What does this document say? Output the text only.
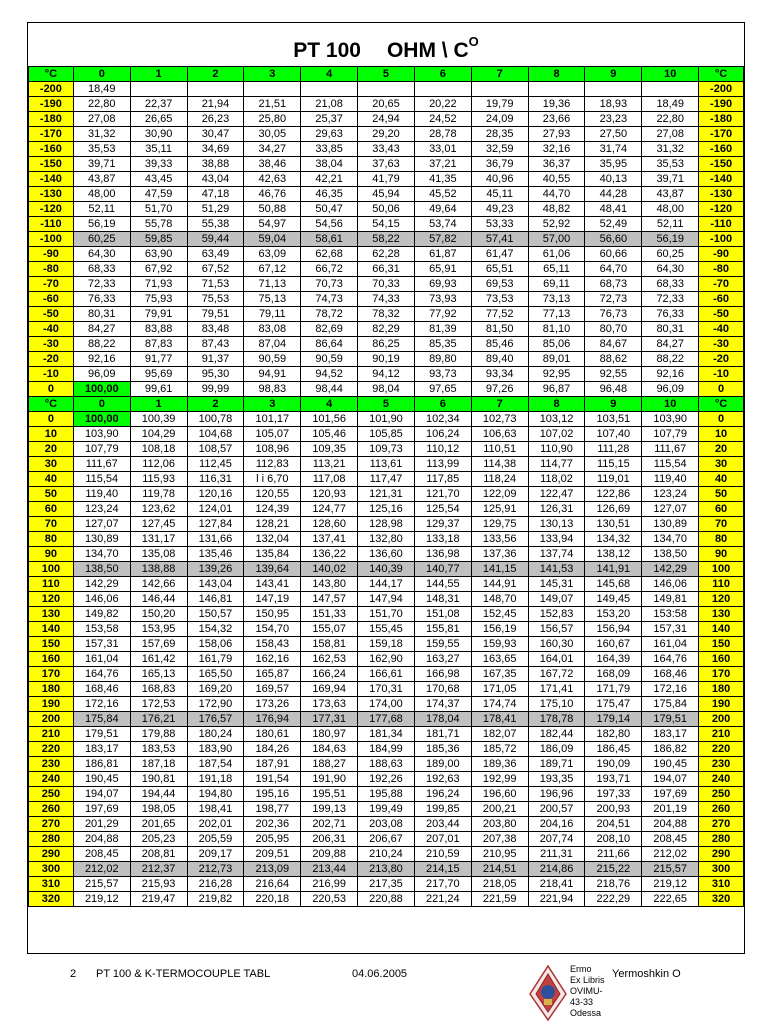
PT 100 OHM \ $C^O$
°C	0	1	2	3	4	5	6	7	8	9	10	°C
-200	18,49											-200
-190	22,80	22,37	21,94	21,51	21,08	20,65	20,22	19,79	19,36	18,93	18,49	-190
-180	27,08	26,65	26,23	25,80	25,37	24,94	24,52	24,09	23,66	23,23	22,80	-180
-170	31,32	30,90	30,47	30,05	29,63	29,20	28,78	28,35	27,93	27,50	27,08	-170
-160	35,53	35,11	34,69	34,27	33,85	33,43	33,01	32,59	32,16	31,74	31,32	-160
-150	39,71	39,33	38,88	38,46	38,04	37,63	37,21	36,79	36,37	35,95	35,53	-150
-140	43,87	43,45	43,04	42,63	42,21	41,79	41,35	40,96	40,55	40,13	39,71	-140
-130	48,00	47,59	47,18	46,76	46,35	45,94	45,52	45,11	44,70	44,28	43,87	-130
-120	52,11	51,70	51,29	50,88	50,47	50,06	49,64	49,23	48,82	48,41	48,00	-120
-110	56,19	55,78	55,38	54,97	54,56	54,15	53,74	53,33	52,92	52,49	52,11	-110
-100	60,25	59,85	59,44	59,04	58,61	58,22	57,82	57,41	57,00	56,60	56,19	-100
-90	64,30	63,90	63,49	63,09	62,68	62,28	61,87	61,47	61,06	60,66	60,25	-90
-80	68,33	67,92	67,52	67,12	66,72	66,31	65,91	65,51	65,11	64,70	64,30	-80
-70	72,33	71,93	71,53	71,13	70,73	70,33	69,93	69,53	69,11	68,73	68,33	-70
-60	76,33	75,93	75,53	75,13	74,73	74,33	73,93	73,53	73,13	72,73	72,33	-60
-50	80,31	79,91	79,51	79,11	78,72	78,32	77,92	77,52	77,13	76,73	76,33	-50
-40	84,27	83,88	83,48	83,08	82,69	82,29	81,39	81,50	81,10	80,70	80,31	-40
-30	88,22	87,83	87,43	87,04	86,64	86,25	85,35	85,46	85,06	84,67	84,27	-30
-20	92,16	91,77	91,37	90,59	90,59	90,19	89,80	89,40	89,01	88,62	88,22	-20
-10	96,09	95,69	95,30	94,91	94,52	94,12	93,73	93,34	92,95	92,55	92,16	-10
0	100,00	99,61	99,99	98,83	98,44	98,04	97,65	97,26	96,87	96,48	96,09	0
°C	0	1	2	3	4	5	6	7	8	9	10	°C
0	100,00	100,39	100,78	101,17	101,56	101,90	102,34	102,73	103,12	103,51	103,90	0
10	103,90	104,29	104,68	105,07	105,46	105,85	106,24	106,63	107,02	107,40	107,79	10
20	107,79	108,18	108,57	108,96	109,35	109,73	110,12	110,51	110,90	111,28	111,67	20
30	111,67	112,06	112,45	112,83	113,21	113,61	113,99	114,38	114,77	115,15	115,54	30
40	115,54	115,93	116,31	l i 6,70	117,08	117,47	117,85	118,24	118,02	119,01	119,40	40
50	119,40	119,78	120,16	120,55	120,93	121,31	121,70	122,09	122,47	122,86	123,24	50
60	123,24	123,62	124,01	124,39	124,77	125,16	125,54	125,91	126,31	126,69	127,07	60
70	127,07	127,45	127,84	128,21	128,60	128,98	129,37	129,75	130,13	130,51	130,89	70
80	130,89	131,17	131,66	132,04	137,41	132,80	133,18	133,56	133,94	134,32	134,70	80
90	134,70	135,08	135,46	135,84	136,22	136,60	136,98	137,36	137,74	138,12	138,50	90
100	138,50	138,88	139,26	139,64	140,02	140,39	140,77	141,15	141,53	141,91	142,29	100
110	142,29	142,66	143,04	143,41	143,80	144,17	144,55	144,91	145,31	145,68	146,06	110
120	146,06	146,44	146,81	147,19	147,57	147,94	148,31	148,70	149,07	149,45	149,81	120
130	149,82	150,20	150,57	150,95	151,33	151,70	151,08	152,45	152,83	153,20	153:58	130
140	153,58	153,95	154,32	154,70	155,07	155,45	155,81	156,19	156,57	156,94	157,31	140
150	157,31	157,69	158,06	158,43	158,81	159,18	159,55	159,93	160,30	160,67	161,04	150
160	161,04	161,42	161,79	162,16	162,53	162,90	163,27	163,65	164,01	164,39	164,76	160
170	164,76	165,13	165,50	165,87	166,24	166,61	166,98	167,35	167,72	168,09	168,46	170
180	168,46	168,83	169,20	169,57	169,94	170,31	170,68	171,05	171,41	171,79	172,16	180
190	172,16	172,53	172,90	173,26	173,63	174,00	174,37	174,74	175,10	175,47	175,84	190
200	175,84	176,21	176,57	176,94	177,31	177,68	178,04	178,41	178,78	179,14	179,51	200
210	179,51	179,88	180,24	180,61	180,97	181,34	181,71	182,07	182,44	182,80	183,17	210
220	183,17	183,53	183,90	184,26	184,63	184,99	185,36	185,72	186,09	186,45	186,82	220
230	186,81	187,18	187,54	187,91	188,27	188,63	189,00	189,36	189,71	190,09	190,45	230
240	190,45	190,81	191,18	191,54	191,90	192,26	192,63	192,99	193,35	193,71	194,07	240
250	194,07	194,44	194,80	195,16	195,51	195,88	196,24	196,60	196,96	197,33	197,69	250
260	197,69	198,05	198,41	198,77	199,13	199,49	199,85	200,21	200,57	200,93	201,19	260
270	201,29	201,65	202,01	202,36	202,71	203,08	203,44	203,80	204,16	204,51	204,88	270
280	204,88	205,23	205,59	205,95	206,31	206,67	207,01	207,38	207,74	208,10	208,45	280
290	208,45	208,81	209,17	209,51	209,88	210,24	210,59	210,95	211,31	211,66	212,02	290
300	212,02	212,37	212,73	213,09	213,44	213,80	214,15	214,51	214,86	215,22	215,57	300
310	215,57	215,93	216,28	216,64	216,99	217,35	217,70	218,05	218,41	218,76	219,12	310
320	219,12	219,47	219,82	220,18	220,53	220,88	221,24	221,59	221,94	222,29	222,65	320
2 PT 100 & K-TERMOCOUPLE TABL	04.06.2005	Ermo
Ex Libris
OVIMU-
43-33
Odessa
Yermoshkin O
